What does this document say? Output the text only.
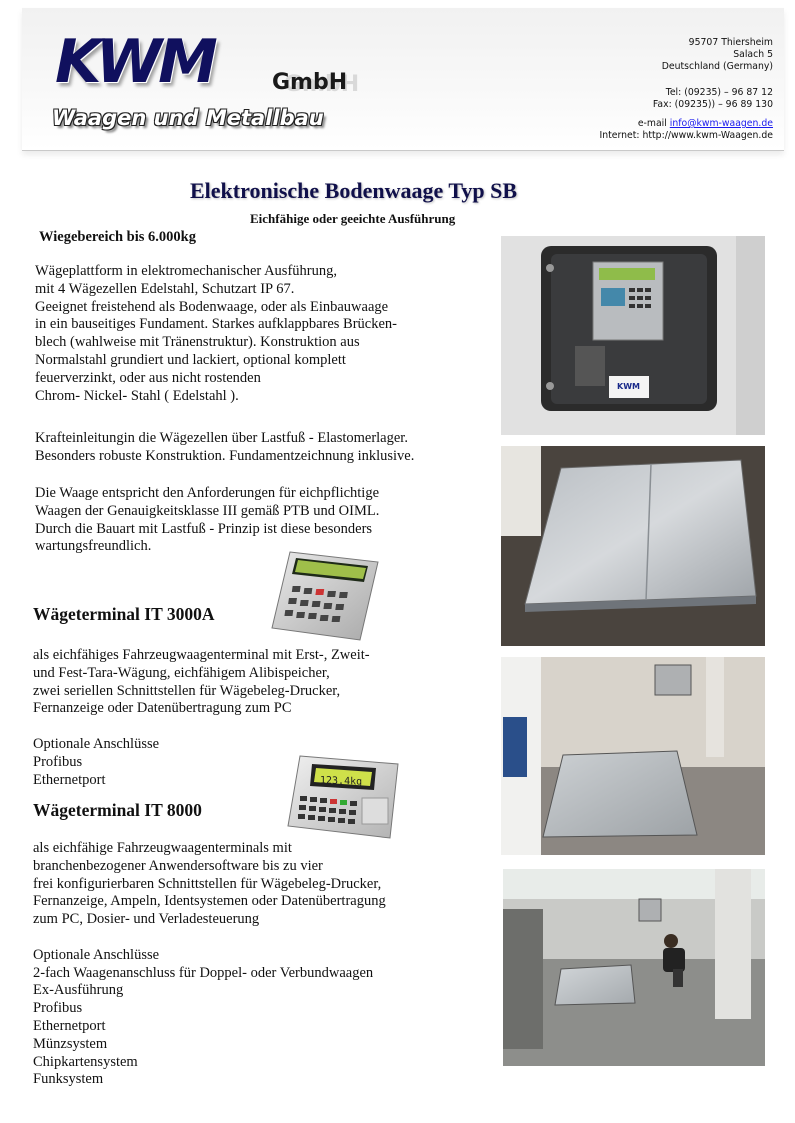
KWM	GmbH
Waagen und Metallbau
95707 Thiersheim
Salach 5
Deutschland (Germany)
Tel: (09235) – 96 87 12
Fax: (09235)) – 96 89 130
e-mail info@kwm-waagen.de
Internet: http://www.kwm-Waagen.de
Elektronische Bodenwaage Typ SB
Eichfähige oder geeichte Ausführung
Wiegebereich bis 6.000kg
Wägeplattform in elektromechanischer Ausführung,
mit 4 Wägezellen Edelstahl, Schutzart IP 67.
Geeignet freistehend als Bodenwaage, oder als Einbauwaage
in ein bauseitiges Fundament. Starkes aufklappbares Brücken-
blech (wahlweise mit Tränenstruktur). Konstruktion aus
Normalstahl grundiert und lackiert, optional komplett
feuerverzinkt, oder aus nicht rostenden
Chrom- Nickel- Stahl ( Edelstahl ).
Krafteinleitungin die Wägezellen über Lastfuß - Elastomerlager.
Besonders robuste Konstruktion. Fundamentzeichnung inklusive.
Die Waage entspricht den Anforderungen für eichpflichtige
Waagen der Genauigkeitsklasse III gemäß PTB und OIML.
Durch die Bauart mit Lastfuß - Prinzip ist diese besonders
wartungsfreundlich.
Wägeterminal IT 3000A
als eichfähiges Fahrzeugwaagenterminal mit Erst-, Zweit-
und Fest-Tara-Wägung, eichfähigem Alibispeicher,
zwei seriellen Schnittstellen für Wägebeleg-Drucker,
Fernanzeige oder Datenübertragung zum PC
Optionale Anschlüsse
Profibus
Ethernetport
Wägeterminal IT 8000
als eichfähige Fahrzeugwaagenterminals mit
branchenbezogener Anwendersoftware bis zu vier
frei konfigurierbaren Schnittstellen für Wägebeleg-Drucker,
Fernanzeige, Ampeln, Identsystemen oder Datenübertragung
zum PC, Dosier- und Verladesteuerung
Optionale Anschlüsse
2-fach Waagenanschluss für Doppel- oder Verbundwaagen
Ex-Ausführung
Profibus
Ethernetport
Münzsystem
Chipkartensystem
Funksystem
123.4kg
KWM
